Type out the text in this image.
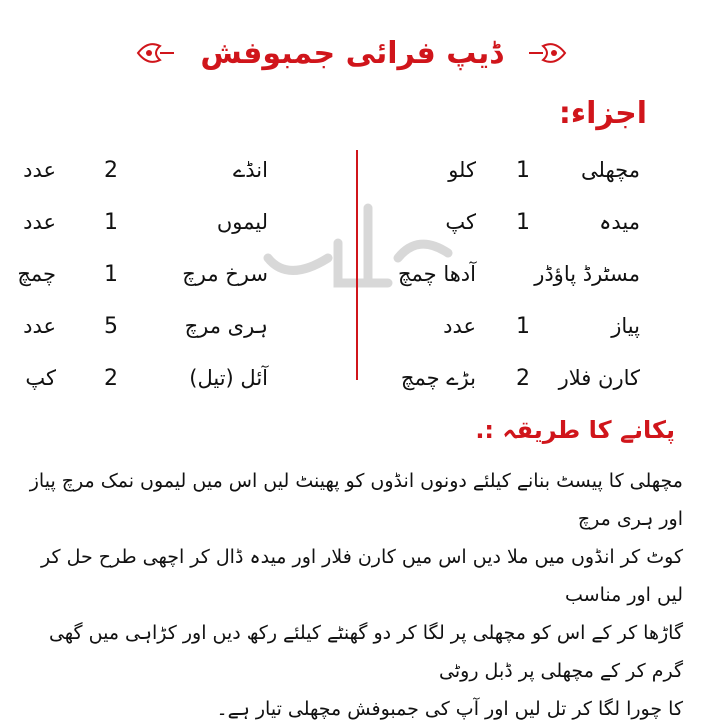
ڈیپ فرائی جمبوفش
اجزاء:
مچھلی
1
کلو
انڈے
2
عدد
میدہ
1
کپ
لیموں
1
عدد
مسٹرڈ پاؤڈر
آدھا چمچ
سرخ مرچ
1
چمچ
پیاز
1
عدد
ہری مرچ
5
عدد
کارن فلار
2
بڑے چمچ
آئل (تیل)
2
کپ
پکانے کا طریقہ :.

مچھلی کا پیسٹ بنانے کیلئے دونوں انڈوں کو پھینٹ لیں اس میں لیموں نمک مرچ پیاز اور ہری مرچ

کوٹ کر انڈوں میں ملا دیں اس میں کارن فلار اور میدہ ڈال کر اچھی طرح حل کر لیں اور مناسب

گاڑھا کر کے اس کو مچھلی پر لگا کر دو گھنٹے کیلئے رکھ دیں اور کڑاہی میں گھی گرم کر کے مچھلی پر ڈبل روٹی

کا چورا لگا کر تل لیں اور آپ کی جمبوفش مچھلی تیار ہے۔
